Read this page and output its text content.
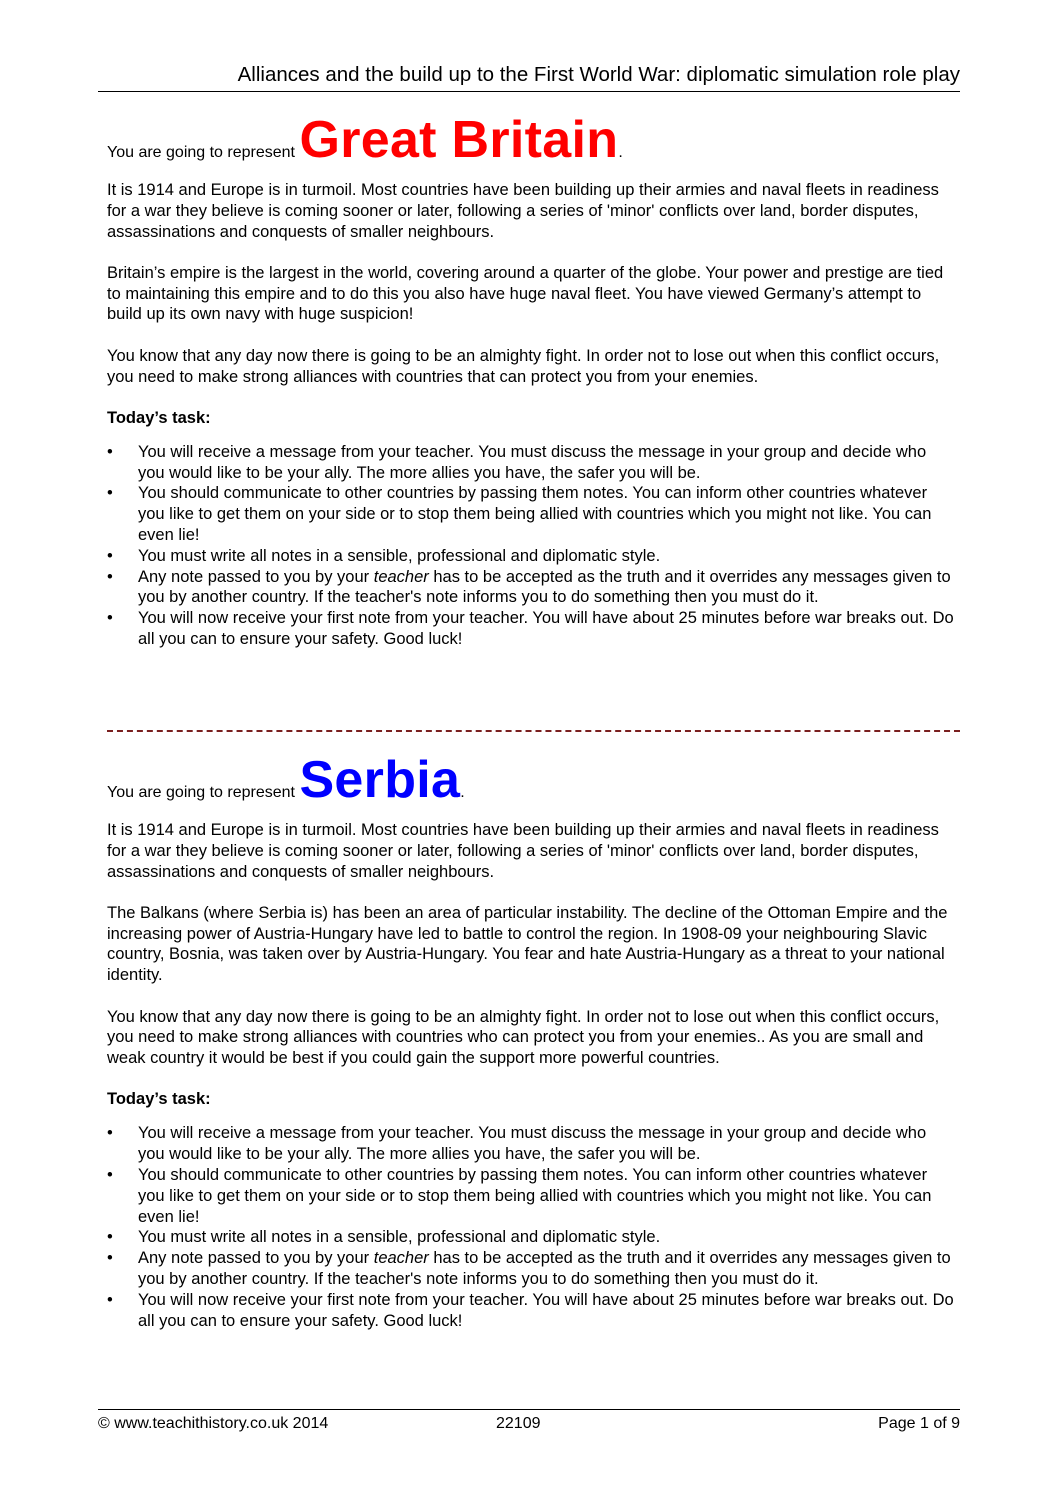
Alliances and the build up to the First World War: diplomatic simulation role play

You are going to represent Great Britain.

It is 1914 and Europe is in turmoil. Most countries have been building up their armies and naval fleets in readiness for a war they believe is coming sooner or later, following a series of 'minor' conflicts over land, border disputes, assassinations and conquests of smaller neighbours.

Britain’s empire is the largest in the world, covering around a quarter of the globe. Your power and prestige are tied to maintaining this empire and to do this you also have huge naval fleet. You have viewed Germany’s attempt to build up its own navy with huge suspicion!

You know that any day now there is going to be an almighty fight. In order not to lose out when this conflict occurs, you need to make strong alliances with countries that can protect you from your enemies.

Today’s task:

• You will receive a message from your teacher. You must discuss the message in your group and decide who you would like to be your ally. The more allies you have, the safer you will be.
• You should communicate to other countries by passing them notes. You can inform other countries whatever you like to get them on your side or to stop them being allied with countries which you might not like. You can even lie!
• You must write all notes in a sensible, professional and diplomatic style.
• Any note passed to you by your teacher has to be accepted as the truth and it overrides any messages given to you by another country. If the teacher's note informs you to do something then you must do it.
• You will now receive your first note from your teacher. You will have about 25 minutes before war breaks out. Do all you can to ensure your safety. Good luck!

You are going to represent Serbia.

It is 1914 and Europe is in turmoil. Most countries have been building up their armies and naval fleets in readiness for a war they believe is coming sooner or later, following a series of 'minor' conflicts over land, border disputes, assassinations and conquests of smaller neighbours.

The Balkans (where Serbia is) has been an area of particular instability. The decline of the Ottoman Empire and the increasing power of Austria-Hungary have led to battle to control the region. In 1908-09 your neighbouring Slavic country, Bosnia, was taken over by Austria-Hungary. You fear and hate Austria-Hungary as a threat to your national identity.

You know that any day now there is going to be an almighty fight. In order not to lose out when this conflict occurs, you need to make strong alliances with countries who can protect you from your enemies.. As you are small and weak country it would be best if you could gain the support more powerful countries.

Today’s task:

• You will receive a message from your teacher. You must discuss the message in your group and decide who you would like to be your ally. The more allies you have, the safer you will be.
• You should communicate to other countries by passing them notes. You can inform other countries whatever you like to get them on your side or to stop them being allied with countries which you might not like. You can even lie!
• You must write all notes in a sensible, professional and diplomatic style.
• Any note passed to you by your teacher has to be accepted as the truth and it overrides any messages given to you by another country. If the teacher's note informs you to do something then you must do it.
• You will now receive your first note from your teacher. You will have about 25 minutes before war breaks out. Do all you can to ensure your safety. Good luck!
© www.teachithistory.co.uk 2014	22109	Page 1 of 9
